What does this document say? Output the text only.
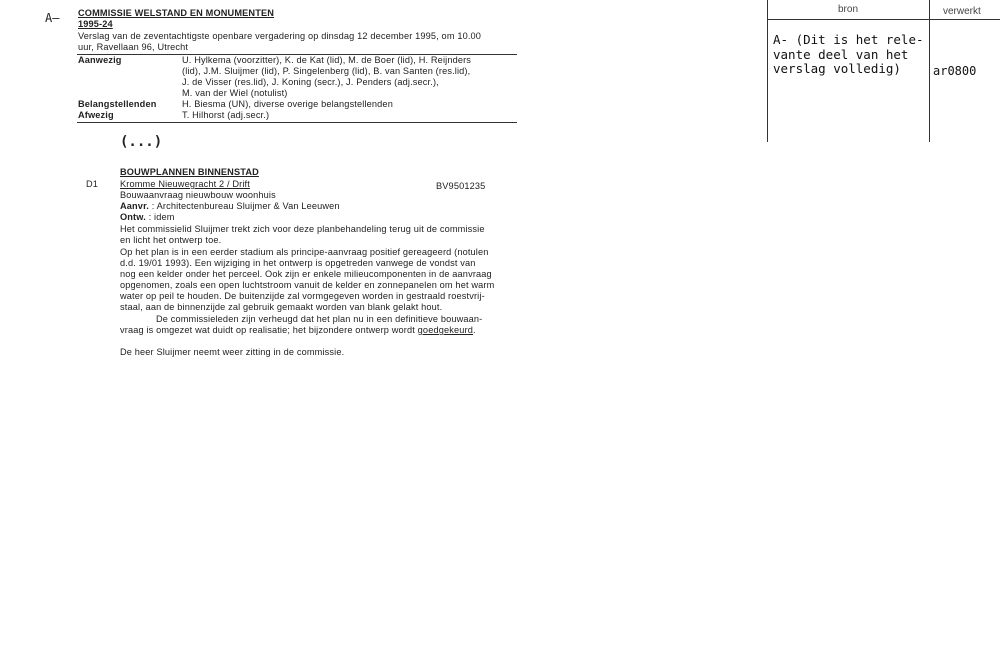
A— COMMISSIE WELSTAND EN MONUMENTEN
1995-24
Verslag van de zeventachtigste openbare vergadering op dinsdag 12 december 1995, om 10.00
uur, Ravellaan 96, Utrecht
Aanwezig	U. Hylkema (voorzitter), K. de Kat (lid), M. de Boer (lid), H. Reijnders
(lid), J.M. Sluijmer (lid), P. Singelenberg (lid), B. van Santen (res.lid),
J. de Visser (res.lid), J. Koning (secr.), J. Penders (adj.secr.),
M. van der Wiel (notulist)
Belangstellenden	H. Biesma (UN), diverse overige belangstellenden
Afwezig	T. Hilhorst (adj.secr.)
(...)
BOUWPLANNEN BINNENSTAD
D1 Kromme Nieuwegracht 2 / Drift	BV9501235
Bouwaanvraag nieuwbouw woonhuis
Aanvr. : Architectenbureau Sluijmer & Van Leeuwen
Ontw. : idem
Het commissielid Sluijmer trekt zich voor deze planbehandeling terug uit de commissie
en licht het ontwerp toe.
Op het plan is in een eerder stadium als principe-aanvraag positief gereageerd (notulen
d.d. 19/01 1993). Een wijziging in het ontwerp is opgetreden vanwege de vondst van
nog een kelder onder het perceel. Ook zijn er enkele milieucomponenten in de aanvraag
opgenomen, zoals een open luchtstroom vanuit de kelder en zonnepanelen om het warm
water op peil te houden. De buitenzijde zal vormgegeven worden in gestraald roestvrij-
staal, aan de binnenzijde zal gebruik gemaakt worden van blank gelakt hout.
De commissieleden zijn verheugd dat het plan nu in een definitieve bouwaan-
vraag is omgezet wat duidt op realisatie; het bijzondere ontwerp wordt goedgekeurd.
De heer Sluijmer neemt weer zitting in de commissie.
bron	verwerkt
A- (Dit is het rele-
vante deel van het
verslag volledig)	ar0800
